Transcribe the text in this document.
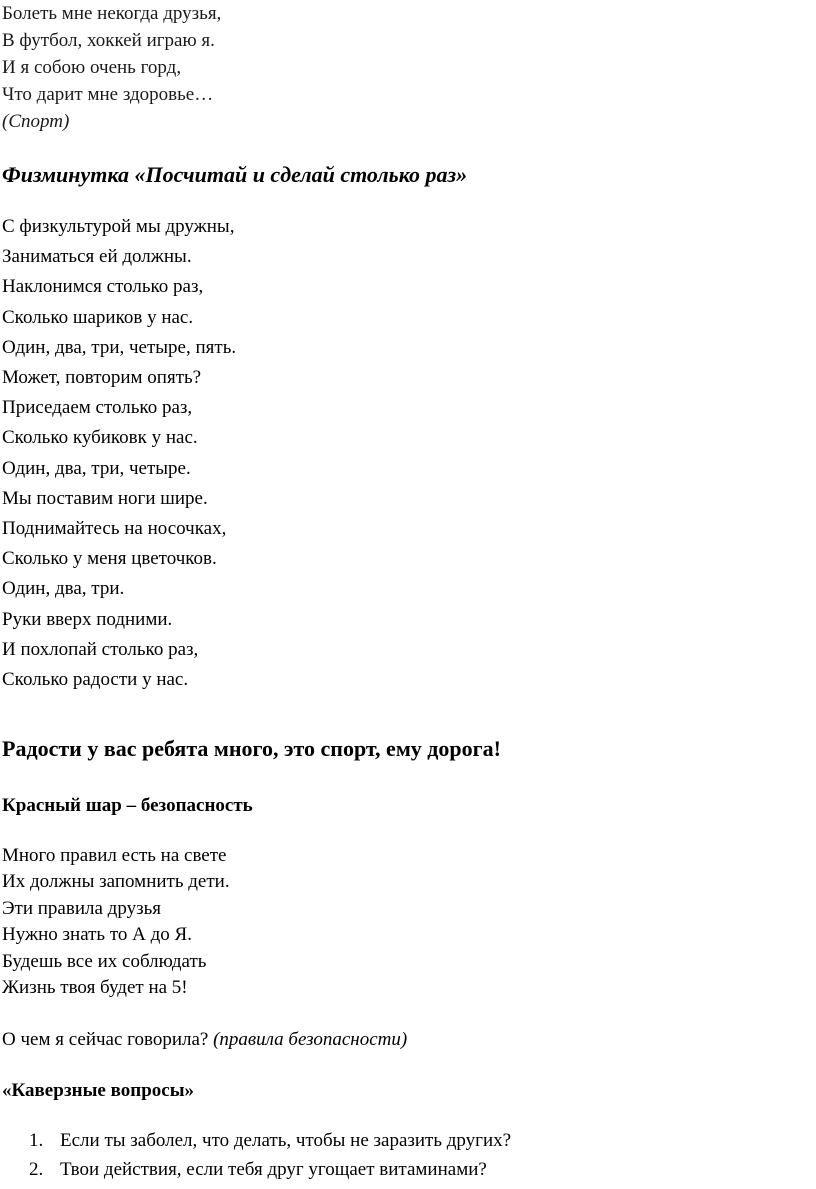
Болеть мне некогда друзья,

В футбол, хоккей играю я.

И я собою очень горд,

Что дарит мне здоровье…

(Спорт)

Физминутка «Посчитай и сделай столько раз»

С физкультурой мы дружны,

Заниматься ей должны.

Наклонимся столько раз,

Сколько шариков у нас.

Один, два, три, четыре, пять.

Может, повторим опять?

Приседаем столько раз,

Сколько кубиковк у нас.

Один, два, три, четыре.

Мы поставим ноги шире.

Поднимайтесь на носочках,

Сколько у меня цветочков.

Один, два, три.

Руки вверх подними.

И похлопай столько раз,

Сколько радости у нас.

Радости у вас ребята много, это спорт, ему дорога!
Красный шар – безопасность

Много правил есть на свете

Их должны запомнить дети.

Эти правила друзья

Нужно знать то А до Я.

Будешь все их соблюдать

Жизнь твоя будет на 5!

О чем я сейчас говорила? (правила безопасности)

«Каверзные вопросы»
1. Если ты заболел, что делать, чтобы не заразить других?
2. Твои действия, если тебя друг угощает витаминами?
